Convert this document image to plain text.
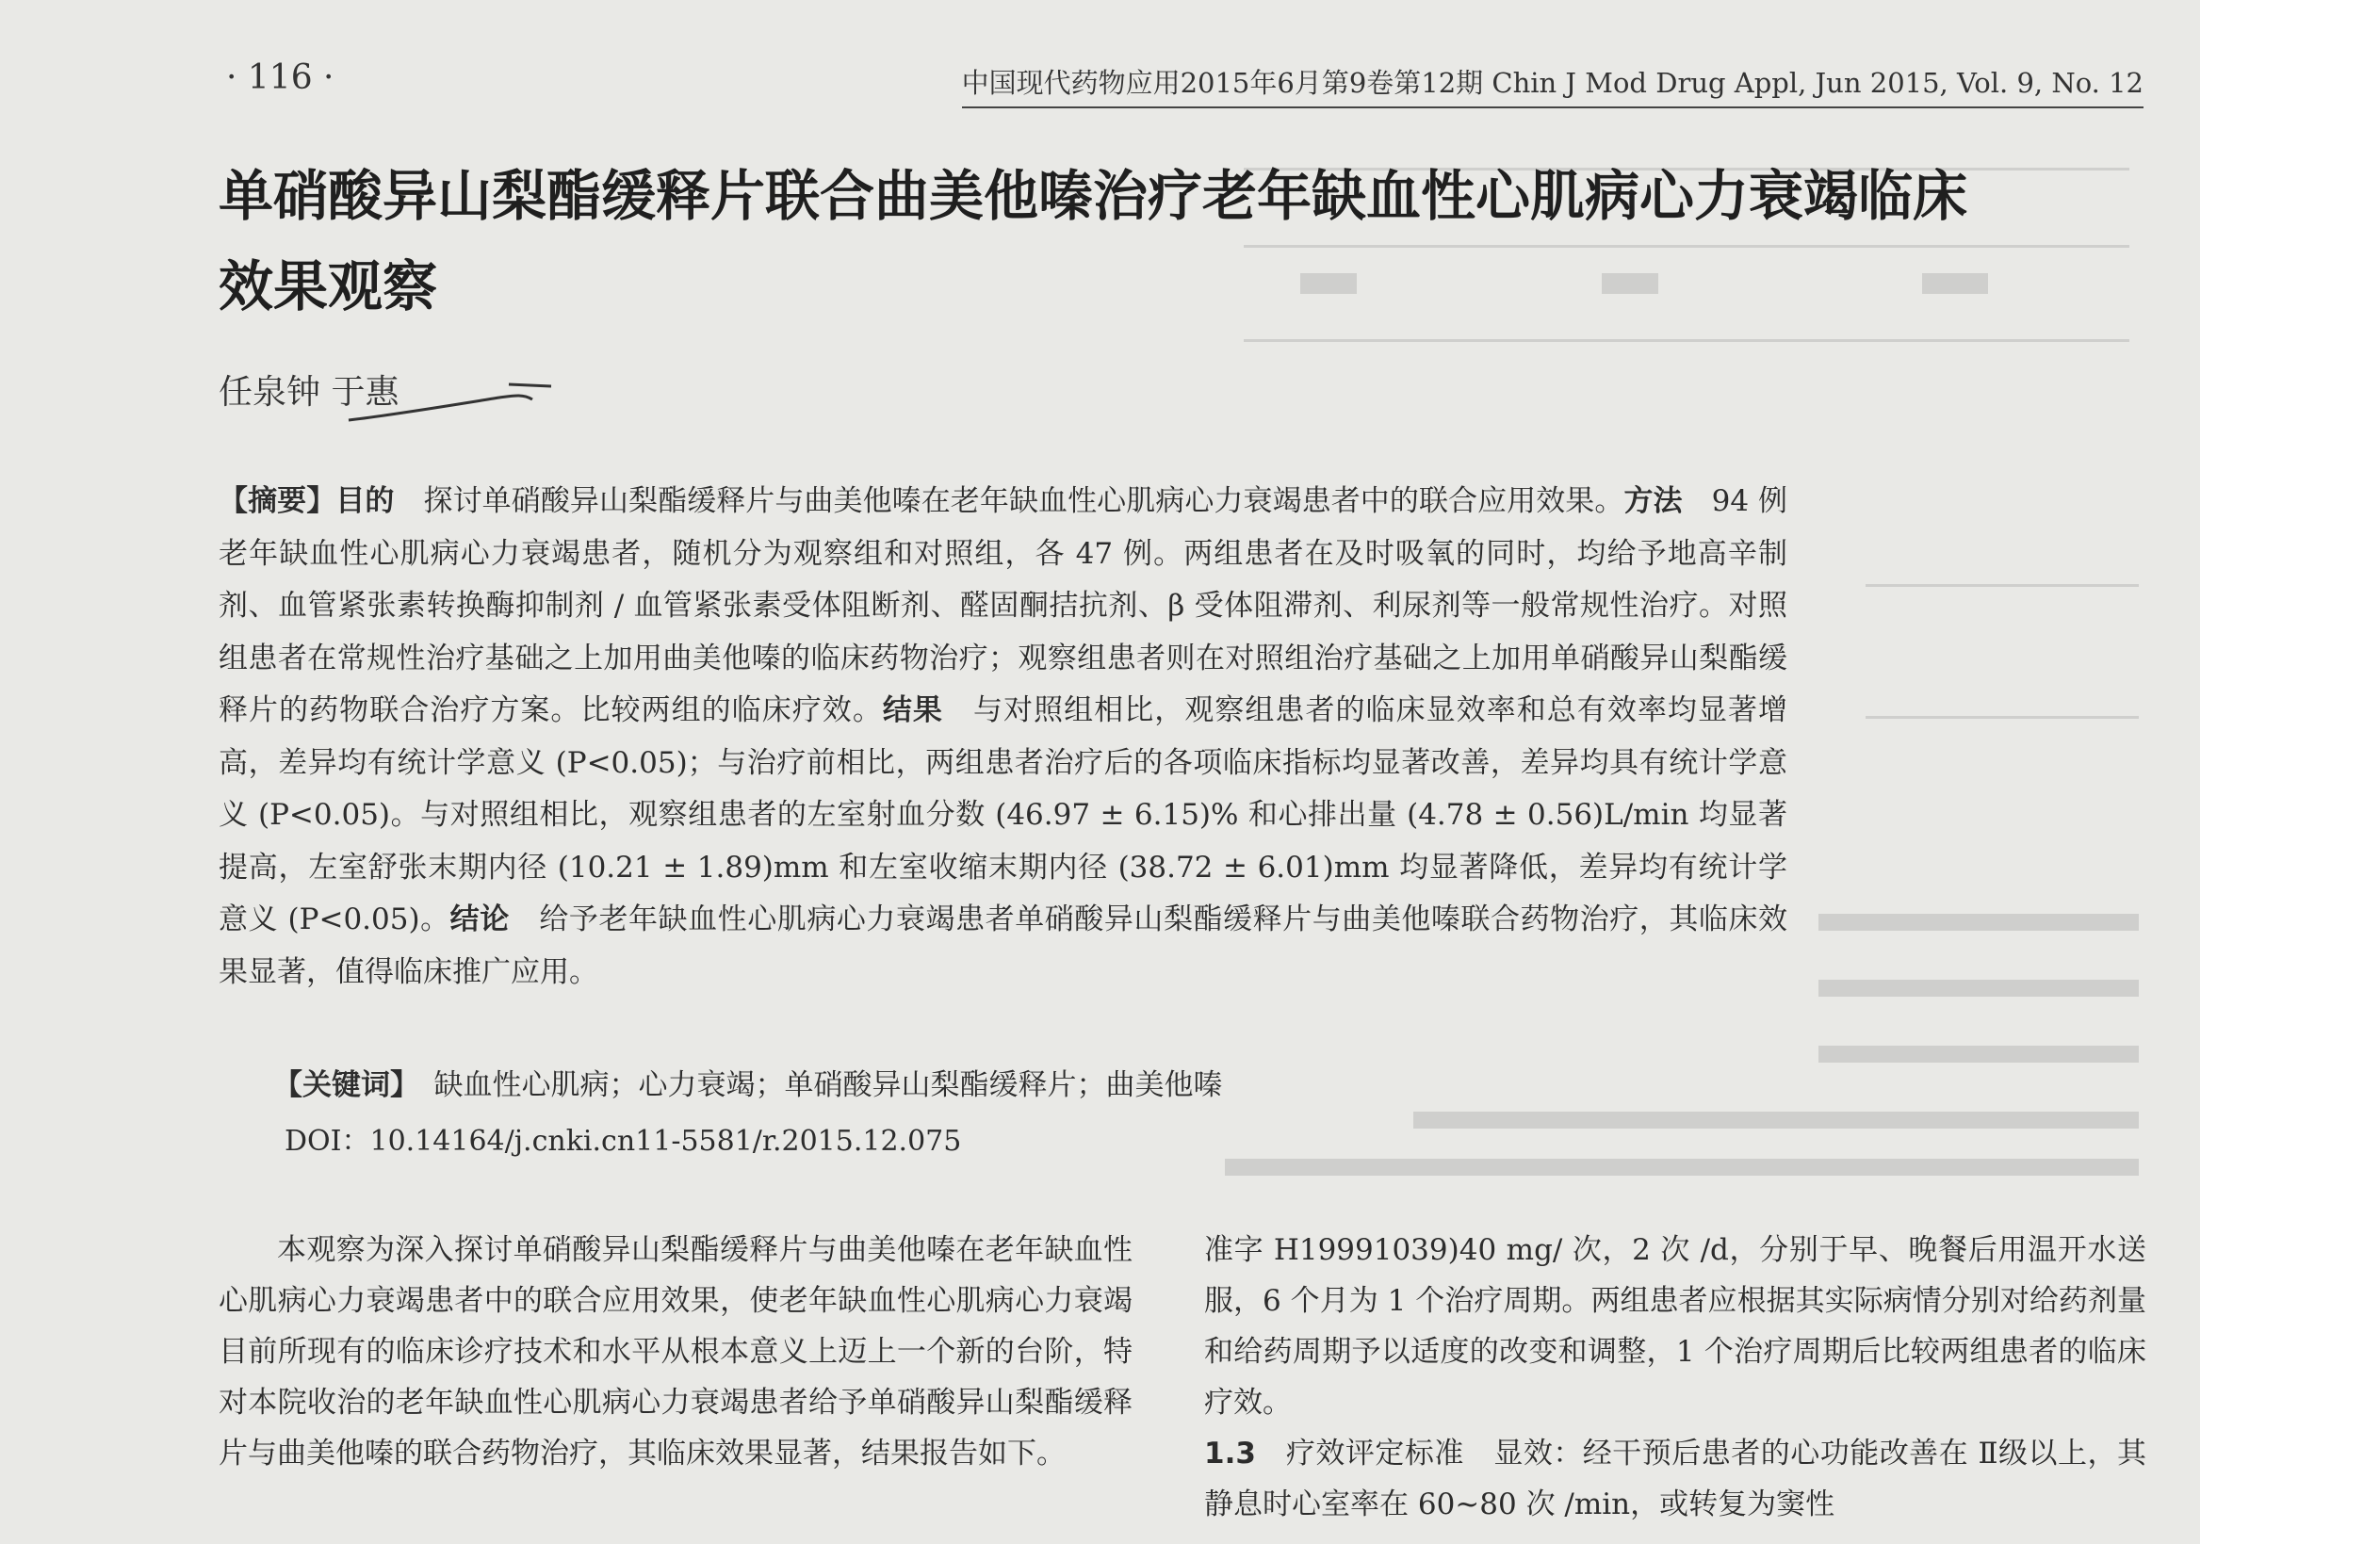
· 116 ·	中国现代药物应用2015年6月第9卷第12期 Chin J Mod Drug Appl, Jun 2015, Vol. 9, No. 12
单硝酸异山梨酯缓释片联合曲美他嗪治疗老年缺血性心肌病心力衰竭临床效果观察
任泉钟 于惠

【摘要】目的　 探讨单硝酸异山梨酯缓释片与曲美他嗪在老年缺血性心肌病心力衰竭患者中的联合应用效果。方法　 94 例老年缺血性心肌病心力衰竭患者，随机分为观察组和对照组，各 47 例。两组患者在及时吸氧的同时，均给予地高辛制剂、血管紧张素转换酶抑制剂 / 血管紧张素受体阻断剂、醛固酮拮抗剂、β 受体阻滞剂、利尿剂等一般常规性治疗。对照组患者在常规性治疗基础之上加用曲美他嗪的临床药物治疗；观察组患者则在对照组治疗基础之上加用单硝酸异山梨酯缓释片的药物联合治疗方案。比较两组的临床疗效。结果　 与对照组相比，观察组患者的临床显效率和总有效率均显著增高，差异均有统计学意义 (P<0.05)；与治疗前相比，两组患者治疗后的各项临床指标均显著改善，差异均具有统计学意义 (P<0.05)。与对照组相比，观察组患者的左室射血分数 (46.97 ± 6.15)% 和心排出量 (4.78 ± 0.56)L/min 均显著提高，左室舒张末期内径 (10.21 ± 1.89)mm 和左室收缩末期内径 (38.72 ± 6.01)mm 均显著降低，差异均有统计学意义 (P<0.05)。结论　 给予老年缺血性心肌病心力衰竭患者单硝酸异山梨酯缓释片与曲美他嗪联合药物治疗，其临床效果显著，值得临床推广应用。

【关键词】　 缺血性心肌病；心力衰竭；单硝酸异山梨酯缓释片；曲美他嗪

DOI：10.14164/j.cnki.cn11-5581/r.2015.12.075

本观察为深入探讨单硝酸异山梨酯缓释片与曲美他嗪在老年缺血性心肌病心力衰竭患者中的联合应用效果，使老年缺血性心肌病心力衰竭目前所现有的临床诊疗技术和水平从根本意义上迈上一个新的台阶，特对本院收治的老年缺血性心肌病心力衰竭患者给予单硝酸异山梨酯缓释片与曲美他嗪的联合药物治疗，其临床效果显著，结果报告如下。

准字 H19991039)40 mg/ 次，2 次 /d，分别于早、晚餐后用温开水送服，6 个月为 1 个治疗周期。两组患者应根据其实际病情分别对给药剂量和给药周期予以适度的改变和调整，1 个治疗周期后比较两组患者的临床疗效。

1.3　 疗效评定标准　 显效：经干预后患者的心功能改善在 Ⅱ级以上，其静息时心室率在 60~80 次 /min，或转复为窦性
